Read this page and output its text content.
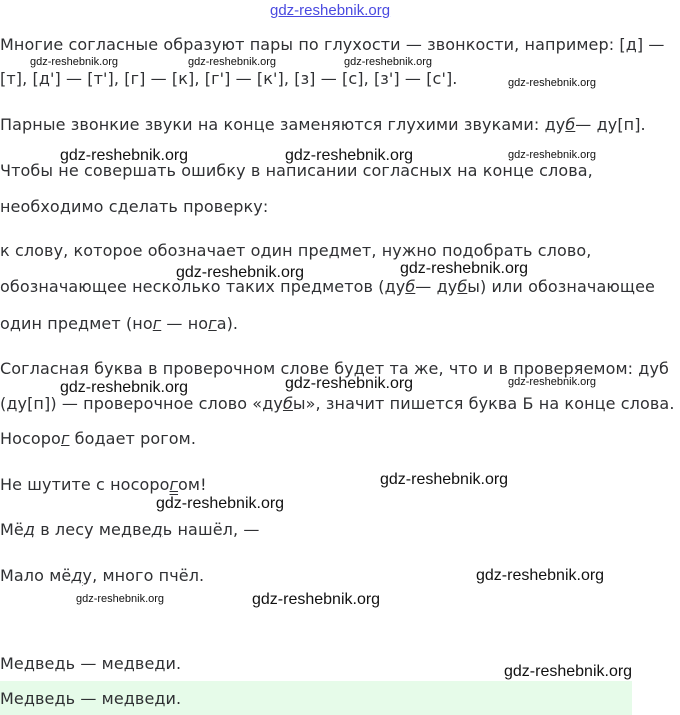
gdz-reshebnik.org
Многие согласные образуют пары по глухости — звонкости, например: [д] —
[т], [д'] — [т'], [г] — [к], [г'] — [к'], [з] — [с], [з'] — [с'].
Парные звонкие звуки на конце заменяются глухими звуками: дуб— ду[п].
Чтобы не совершать ошибку в написании согласных на конце слова,
необходимо сделать проверку:
к слову, которое обозначает один предмет, нужно подобрать слово,
обозначающее несколько таких предметов (дуб— дубы) или обозначающее
один предмет (ног — нога).
Согласная буква в проверочном слове будет та же, что и в проверяемом: дуб
(ду[п]) — проверочное слово «дубы», значит пишется буква Б на конце слова.
Носорог бодает рогом.
Не шутите с носорогом!
Мёд в лесу медведь нашёл, —
Мало мёду, много пчёл.
Медведь — медведи.
Медведь — медведи.
gdz-reshebnik.org	gdz-reshebnik.org	gdz-reshebnik.org
gdz-reshebnik.org
gdz-reshebnik.org	gdz-reshebnik.org	gdz-reshebnik.org
gdz-reshebnik.org	gdz-reshebnik.org
gdz-reshebnik.org	gdz-reshebnik.org	gdz-reshebnik.org
gdz-reshebnik.org
gdz-reshebnik.org
gdz-reshebnik.org
gdz-reshebnik.org	gdz-reshebnik.org
gdz-reshebnik.org
